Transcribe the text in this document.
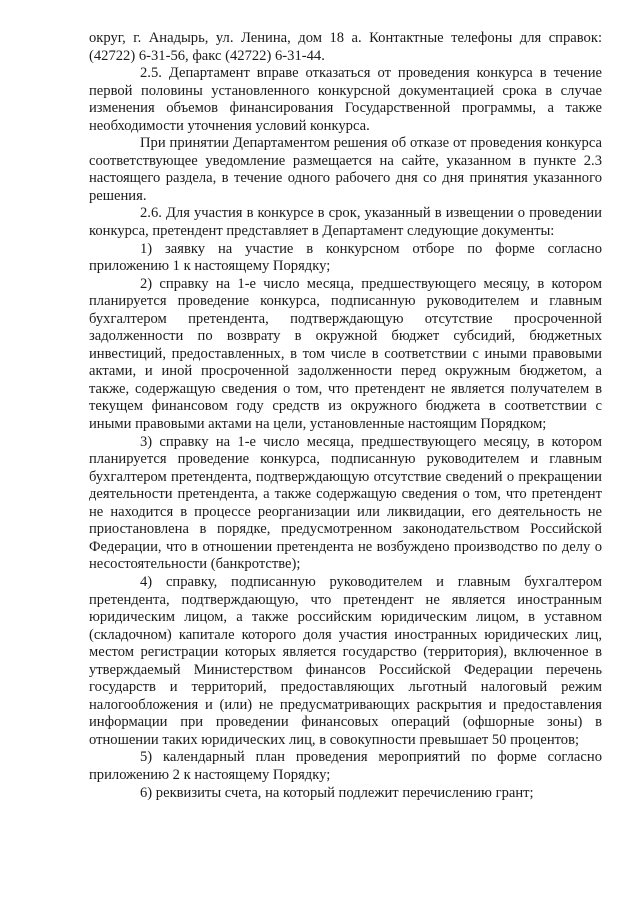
округ, г. Анадырь, ул. Ленина, дом 18 а. Контактные телефоны для справок: (42722) 6-31-56, факс (42722) 6-31-44.

2.5. Департамент вправе отказаться от проведения конкурса в течение первой половины установленного конкурсной документацией срока в случае изменения объемов финансирования Государственной программы, а также необходимости уточнения условий конкурса.

При принятии Департаментом решения об отказе от проведения конкурса соответствующее уведомление размещается на сайте, указанном в пункте 2.3 настоящего раздела, в течение одного рабочего дня со дня принятия указанного решения.

2.6. Для участия в конкурсе в срок, указанный в извещении о проведении конкурса, претендент представляет в Департамент следующие документы:

1) заявку на участие в конкурсном отборе по форме согласно приложению 1 к настоящему Порядку;

2) справку на 1-е число месяца, предшествующего месяцу, в котором планируется проведение конкурса, подписанную руководителем и главным бухгалтером претендента, подтверждающую отсутствие просроченной задолженности по возврату в окружной бюджет субсидий, бюджетных инвестиций, предоставленных, в том числе в соответствии с иными правовыми актами, и иной просроченной задолженности перед окружным бюджетом, а также, содержащую сведения о том, что претендент не является получателем в текущем финансовом году средств из окружного бюджета в соответствии с иными правовыми актами на цели, установленные настоящим Порядком;

3) справку на 1-е число месяца, предшествующего месяцу, в котором планируется проведение конкурса, подписанную руководителем и главным бухгалтером претендента, подтверждающую отсутствие сведений о прекращении деятельности претендента, а также содержащую сведения о том, что претендент не находится в процессе реорганизации или ликвидации, его деятельность не приостановлена в порядке, предусмотренном законодательством Российской Федерации, что в отношении претендента не возбуждено производство по делу о несостоятельности (банкротстве);

4) справку, подписанную руководителем и главным бухгалтером претендента, подтверждающую, что претендент не является иностранным юридическим лицом, а также российским юридическим лицом, в уставном (складочном) капитале которого доля участия иностранных юридических лиц, местом регистрации которых является государство (территория), включенное в утверждаемый Министерством финансов Российской Федерации перечень государств и территорий, предоставляющих льготный налоговый режим налогообложения и (или) не предусматривающих раскрытия и предоставления информации при проведении финансовых операций (офшорные зоны) в отношении таких юридических лиц, в совокупности превышает 50 процентов;

5) календарный план проведения мероприятий по форме согласно приложению 2 к настоящему Порядку;

6) реквизиты счета, на который подлежит перечислению грант;
